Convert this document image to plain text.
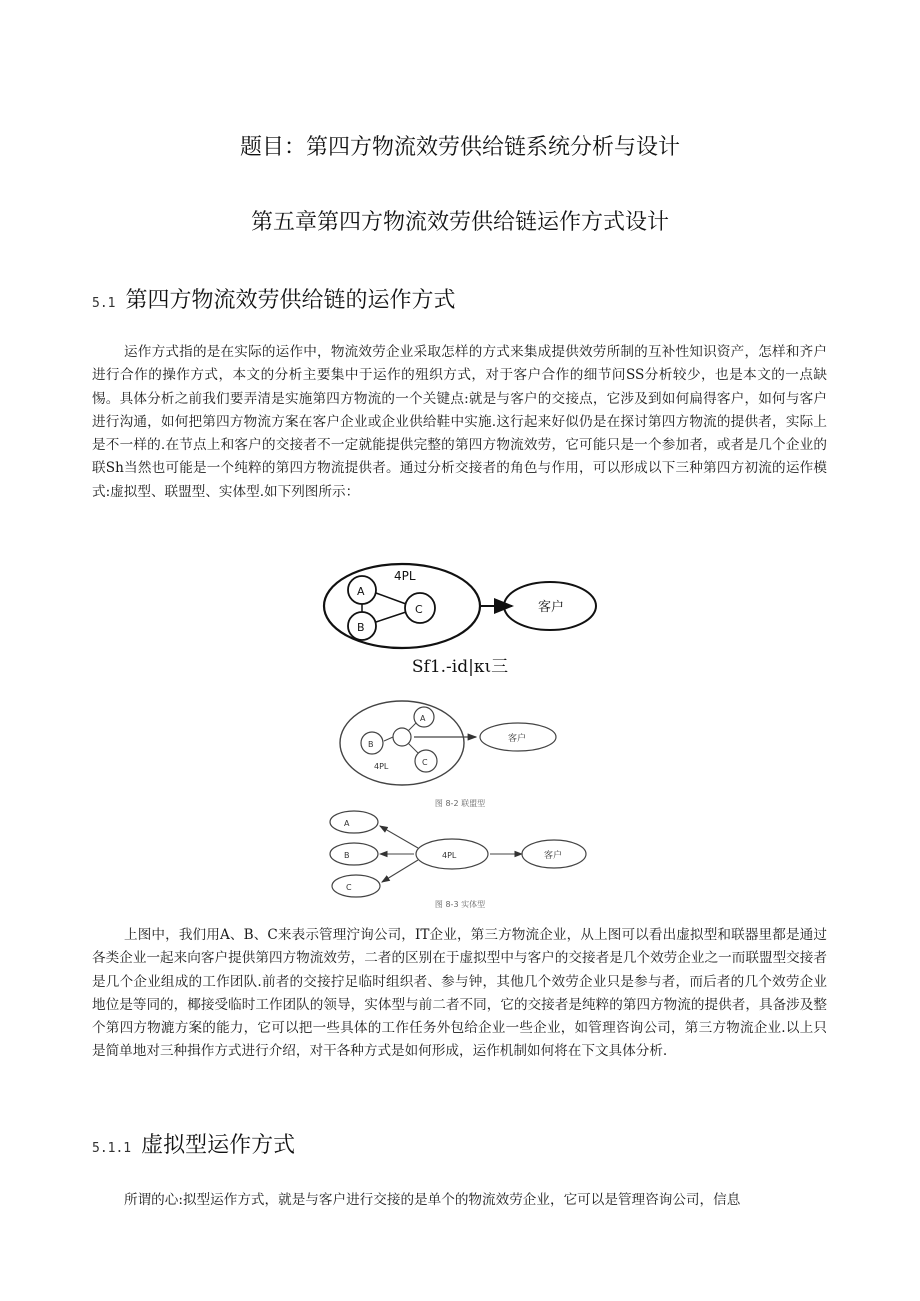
题目：第四方物流效劳供给链系统分析与设计
第五章第四方物流效劳供给链运作方式设计
5.1 第四方物流效劳供给链的运作方式

运作方式指的是在实际的运作中，物流效劳企业采取怎样的方式来集成提供效劳所制的互补性知识资产，怎样和齐户进行合作的操作方式，本文的分析主要集中于运作的殂织方式，对于客户合作的细节问SS分析较少，也是本文的一点缺惕。具体分析之前我们要弄清是实施第四方物流的一个关键点:就是与客户的交接点，它涉及到如何扁得客户，如何与客户进行沟通，如何把第四方物流方案在客户企业或企业供给鞋中实施.这行起来好似仍是在探讨第四方物流的提供者，实际上是不一样的.在节点上和客户的交接者不一定就能提供完整的第四方物流效劳，它可能只是一个参加者，或者是几个企业的联Sh当然也可能是一个纯粹的第四方物流提供者。通过分析交接者的角色与作用，可以形成以下三种第四方初流的运作模式:虚拟型、联盟型、实体型.如下列图所示：

4PL
A
B
C	客户

Sf1.-id|κι三

A
B
C
4PL
客户

图 8-2 联盟型

A
B
C
4PL	客户

图 8-3 实体型

上图中，我们用A、B、C来表示管理泞询公司，IT企业，第三方物流企业，从上图可以看出虚拟型和联器里都是通过各类企业一起来向客户提供第四方物流效劳，二者的区别在于虚拟型中与客户的交接者是几个效劳企业之一而联盟型交接者是几个企业组成的工作团队.前者的交接拧足临时组织者、参与钟，其他几个效劳企业只是参与者，而后者的几个效劳企业地位是等同的，椰接受临时工作团队的领导，实体型与前二者不同，它的交接者是纯粹的第四方物流的提供者，具备涉及整个第四方物漉方案的能力，它可以把一些具体的工作任务外包给企业一些企业，如管理咨询公司，第三方物流企业.以上只是简单地对三种揖作方式进行介绍，对干各种方式是如何形成，运作机制如何将在下文具体分析.

5.1.1 虚拟型运作方式

所谓的心:拟型运作方式，就是与客户进行交接的是单个的物流效劳企业，它可以是管理咨询公司，信息
